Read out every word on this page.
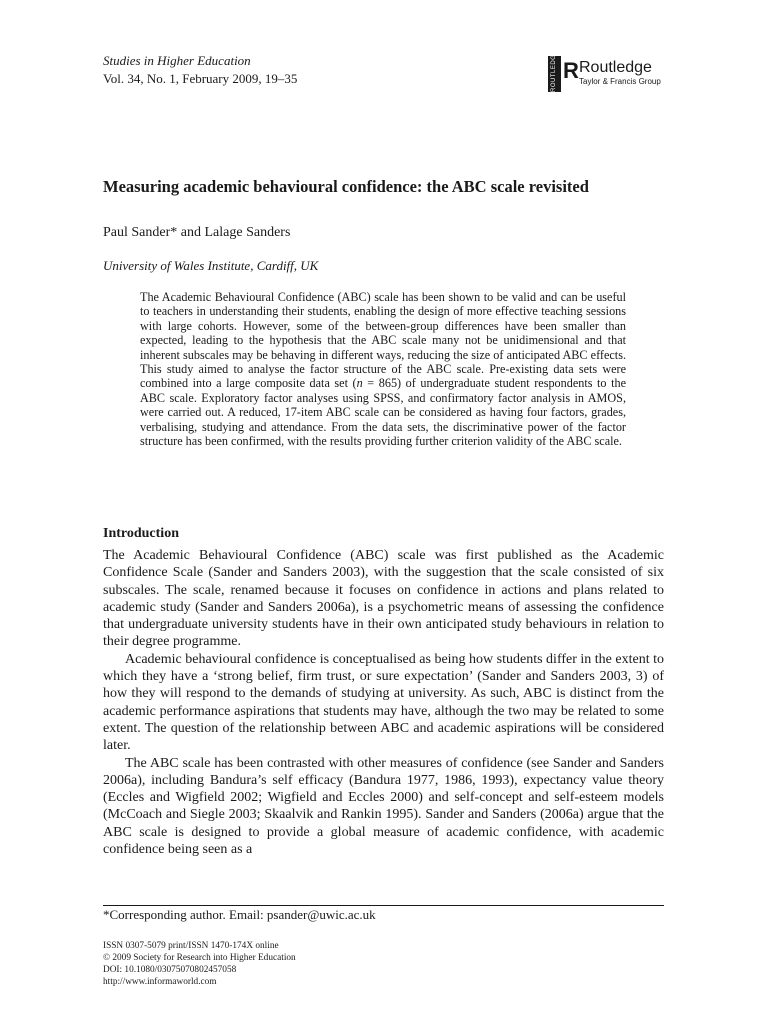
Studies in Higher Education
Vol. 34, No. 1, February 2009, 19–35	ROUTLEDGE R Routledge
Taylor & Francis Group
Measuring academic behavioural confidence: the ABC scale revisited
Paul Sander* and Lalage Sanders
University of Wales Institute, Cardiff, UK
The Academic Behavioural Confidence (ABC) scale has been shown to be valid and can be useful to teachers in understanding their students, enabling the design of more effective teaching sessions with large cohorts. However, some of the between-group differences have been smaller than expected, leading to the hypothesis that the ABC scale many not be unidimensional and that inherent subscales may be behaving in different ways, reducing the size of anticipated ABC effects. This study aimed to analyse the factor structure of the ABC scale. Pre-existing data sets were combined into a large composite data set (n = 865) of undergraduate student respondents to the ABC scale. Exploratory factor analyses using SPSS, and confirmatory factor analysis in AMOS, were carried out. A reduced, 17-item ABC scale can be considered as having four factors, grades, verbalising, studying and attendance. From the data sets, the discriminative power of the factor structure has been confirmed, with the results providing further criterion validity of the ABC scale.
Introduction

The Academic Behavioural Confidence (ABC) scale was first published as the Academic Confidence Scale (Sander and Sanders 2003), with the suggestion that the scale consisted of six subscales. The scale, renamed because it focuses on confidence in actions and plans related to academic study (Sander and Sanders 2006a), is a psychometric means of assessing the confidence that undergraduate university students have in their own anticipated study behaviours in relation to their degree programme.

Academic behavioural confidence is conceptualised as being how students differ in the extent to which they have a ‘strong belief, firm trust, or sure expectation’ (Sander and Sanders 2003, 3) of how they will respond to the demands of studying at university. As such, ABC is distinct from the academic performance aspirations that students may have, although the two may be related to some extent. The question of the relationship between ABC and academic aspirations will be considered later.

The ABC scale has been contrasted with other measures of confidence (see Sander and Sanders 2006a), including Bandura’s self efficacy (Bandura 1977, 1986, 1993), expectancy value theory (Eccles and Wigfield 2002; Wigfield and Eccles 2000) and self-concept and self-esteem models (McCoach and Siegle 2003; Skaalvik and Rankin 1995). Sander and Sanders (2006a) argue that the ABC scale is designed to provide a global measure of academic confidence, with academic confidence being seen as a

*Corresponding author. Email: psander@uwic.ac.uk
ISSN 0307-5079 print/ISSN 1470-174X online
© 2009 Society for Research into Higher Education
DOI: 10.1080/03075070802457058
http://www.informaworld.com
